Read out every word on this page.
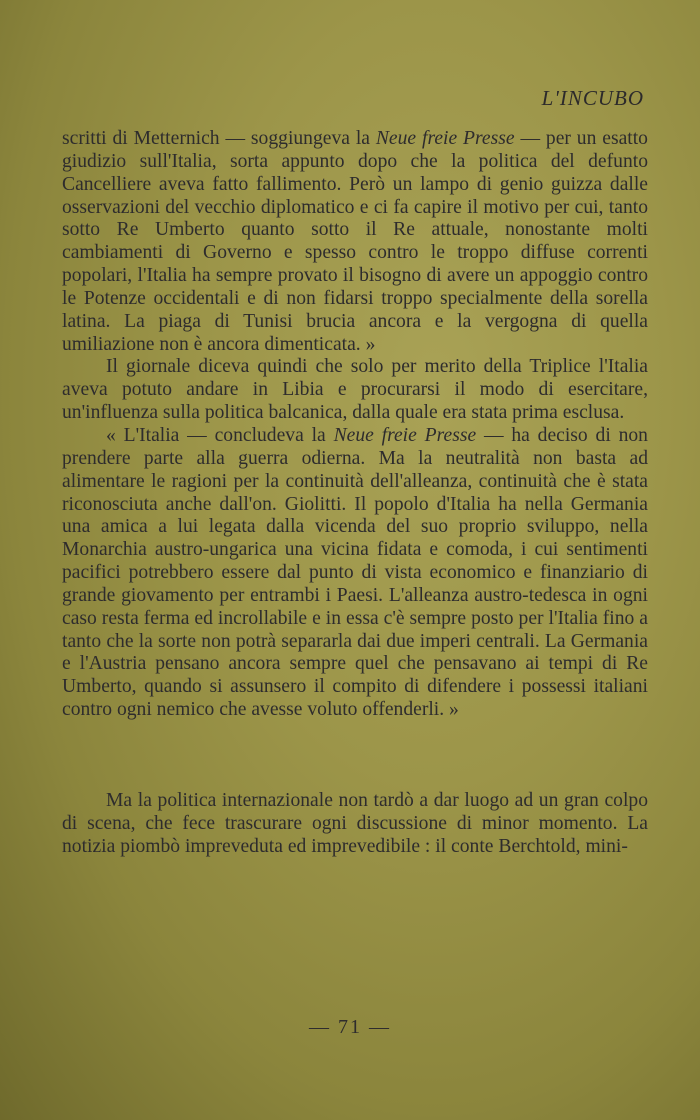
L'INCUBO

scritti di Metternich — soggiungeva la Neue freie Presse — per un esatto giudizio sull'Italia, sorta appunto dopo che la politica del defunto Cancelliere aveva fatto fallimento. Però un lampo di genio guizza dalle osservazioni del vecchio diplomatico e ci fa capire il motivo per cui, tanto sotto Re Umberto quanto sotto il Re attuale, nonostante molti cambiamenti di Governo e spesso contro le troppo diffuse correnti popolari, l'Italia ha sempre provato il bisogno di avere un appoggio contro le Potenze occidentali e di non fidarsi troppo specialmente della sorella latina. La piaga di Tunisi brucia ancora e la vergogna di quella umiliazione non è ancora dimenticata. »

Il giornale diceva quindi che solo per merito della Triplice l'Italia aveva potuto andare in Libia e procurarsi il modo di esercitare, un'influenza sulla politica balcanica, dalla quale era stata prima esclusa.

« L'Italia — concludeva la Neue freie Presse — ha deciso di non prendere parte alla guerra odierna. Ma la neutralità non basta ad alimentare le ragioni per la continuità dell'alleanza, continuità che è stata riconosciuta anche dall'on. Giolitti. Il popolo d'Italia ha nella Germania una amica a lui legata dalla vicenda del suo proprio sviluppo, nella Monarchia austro-ungarica una vicina fidata e comoda, i cui sentimenti pacifici potrebbero essere dal punto di vista economico e finanziario di grande giovamento per entrambi i Paesi. L'alleanza austro-tedesca in ogni caso resta ferma ed incrollabile e in essa c'è sempre posto per l'Italia fino a tanto che la sorte non potrà separarla dai due imperi centrali. La Germania e l'Austria pensano ancora sempre quel che pensavano ai tempi di Re Umberto, quando si assunsero il compito di difendere i possessi italiani contro ogni nemico che avesse voluto offenderli. »

Ma la politica internazionale non tardò a dar luogo ad un gran colpo di scena, che fece trascurare ogni discussione di minor momento. La notizia piombò impreveduta ed imprevedibile : il conte Berchtold, mini-

— 71 —
